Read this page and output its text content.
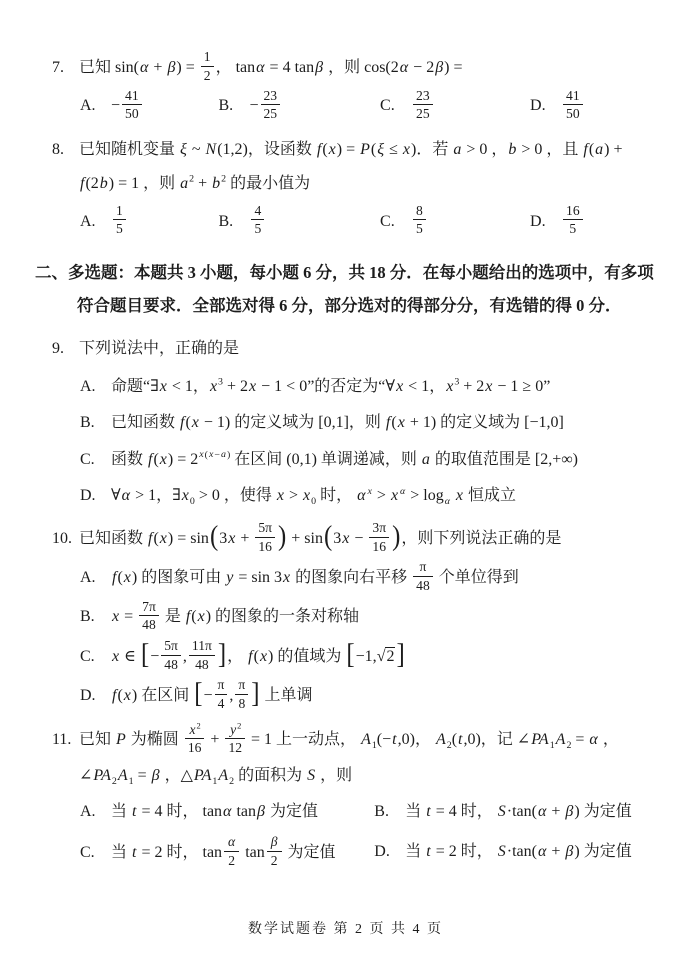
7. 已知 $\sin(\alpha + \beta) = \frac{1}{2}$ ， tanα = 4 tanβ ，则 cos(2α − 2β) =
A. − $\frac{41}{50}$	B. − $\frac{23}{25}$	C. $\frac{23}{25}$	D. $\frac{41}{50}$
8. 已知随机变量 ξ ~ N(1,2)，设函数 f(x) = P(ξ ≤ x)．若 a > 0 ，b > 0 ，且 f(a) + f(2b) = 1 ，则 $a^2 + b^2$ 的最小值为
A. $\frac{1}{5}$	B. $\frac{4}{5}$	C. $\frac{8}{5}$	D. $\frac{16}{5}$
二、多选题：本题共 3 小题，每小题 6 分，共 18 分．在每小题给出的选项中，有多项符合题目要求．全部选对得 6 分，部分选对的得部分分，有选错的得 0 分．
9. 下列说法中，正确的是
A. 命题“∃x < 1，$x^3 + 2x - 1 < 0$”的否定为“∀x < 1，$x^3 + 2x - 1 \ge 0$”
B. 已知函数 f(x − 1) 的定义域为 [0,1]，则 f(x + 1) 的定义域为 [−1,0]
C. 函数 $f(x) = 2^{x(x-a)}$ 在区间 (0,1) 单调递减，则 a 的取值范围是 [2,+∞)
D. ∀α > 1，$\exists x_0 > 0$ ，使得 $x > x_0$ 时， α $^x$ > x $^\alpha > \log_\alpha x$ 恒成立
10. 已知函数 $f(x) = \sin(3x + \frac{5\pi}{16}$ ) + $\sin(3x - \frac{3\pi}{16}$ )，则下列说法正确的是
A. f(x) 的图象可由 y = sin 3x 的图象向右平移 $\frac{\pi}{48}$ 个单位得到
B. $x = \frac{7\pi}{48}$ 是 f(x) 的图象的一条对称轴
C. x ∈ [− $\frac{5\pi}{48}$ , $\frac{11\pi}{48}$ ]， f(x) 的值域为 [−1,√2]
D. f(x) 在区间 [− $\frac{\pi}{4}$ , $\frac{\pi}{8}$ ] 上单调
11. 已知 P 为椭圆 $\frac{x^2}{16} + \frac{y^2}{12} = 1$ 上一动点， $A_1(-t,0)$， $A_2(t,0)$，记 $\angle PA_1A_2 = \alpha$ ，$\angle PA_2A_1 = \beta$ ，$\triangle PA_1A_2$ 的面积为 S ，则
A. 当 t = 4 时， tanα tanβ 为定值	B. 当 t = 4 时， S·tan(α + β) 为定值
C. 当 t = 2 时， $\tan \frac{\alpha}{2}$ $\tan \frac{\beta}{2}$ 为定值	D. 当 t = 2 时， S·tan(α + β) 为定值
数学试题卷 第 2 页 共 4 页
